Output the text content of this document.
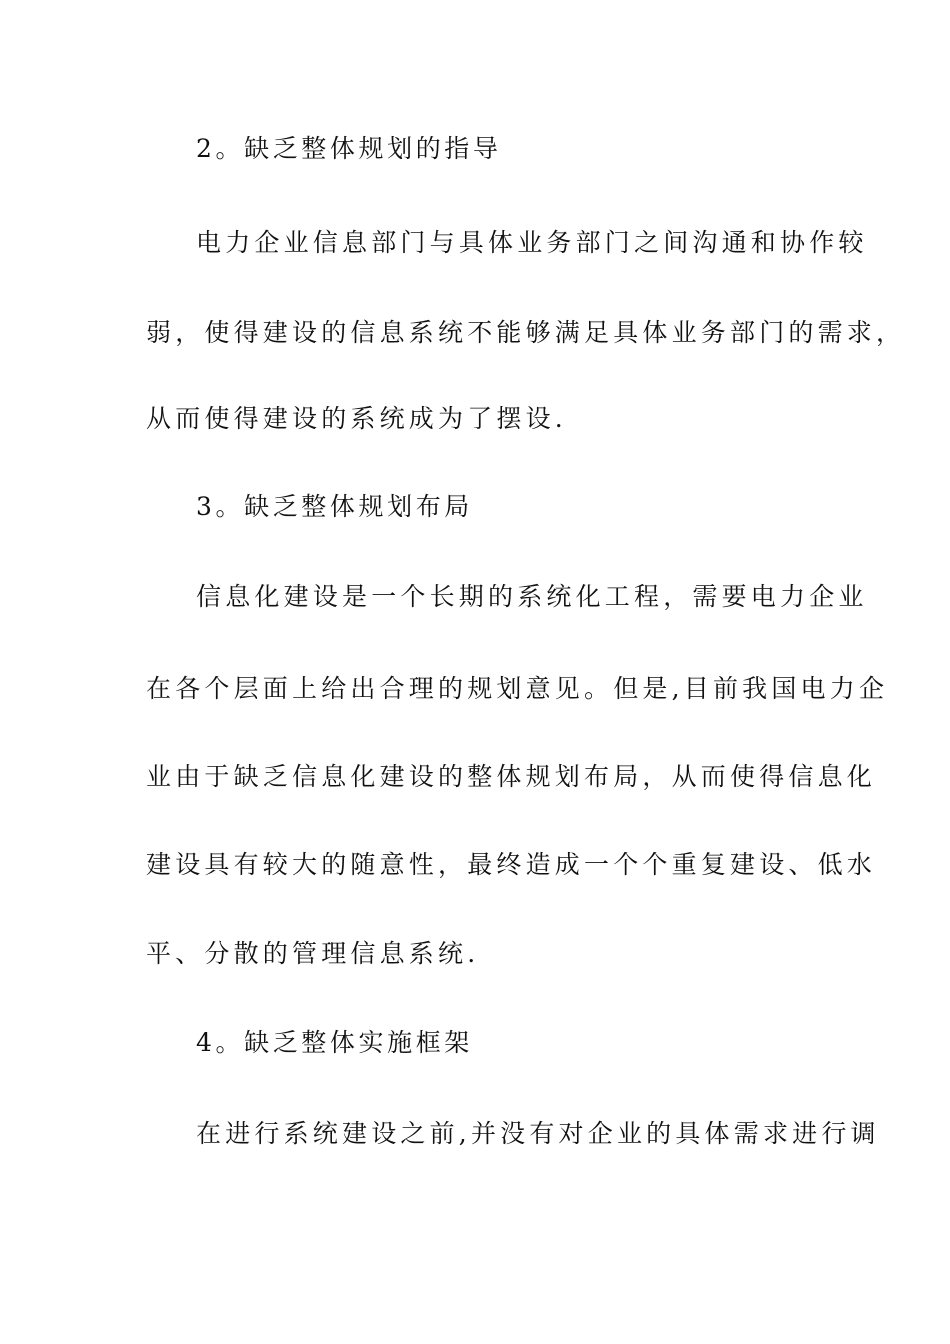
2。缺乏整体规划的指导
电力企业信息部门与具体业务部门之间沟通和协作较
弱，使得建设的信息系统不能够满足具体业务部门的需求，
从而使得建设的系统成为了摆设.
3。缺乏整体规划布局
信息化建设是一个长期的系统化工程，需要电力企业
在各个层面上给出合理的规划意见。但是,目前我国电力企
业由于缺乏信息化建设的整体规划布局，从而使得信息化
建设具有较大的随意性，最终造成一个个重复建设、低水
平、分散的管理信息系统.
4。缺乏整体实施框架
在进行系统建设之前,并没有对企业的具体需求进行调
